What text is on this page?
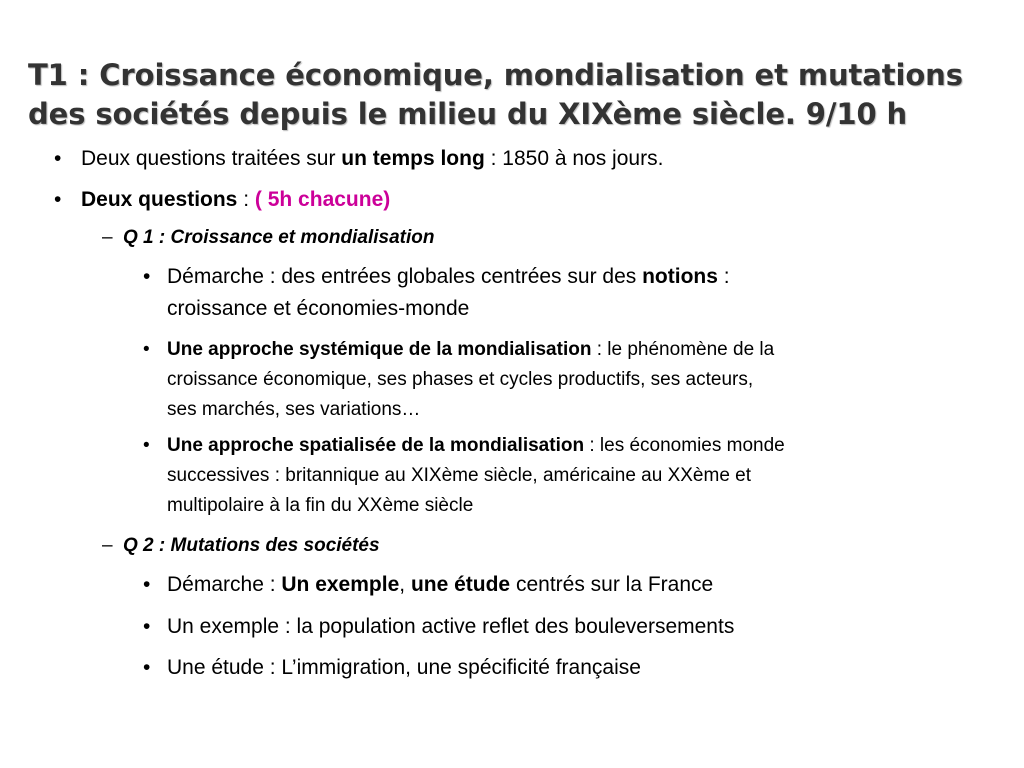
T1 : Croissance économique, mondialisation et mutations
des sociétés depuis le milieu du XIXème siècle. 9/10 h
• Deux questions traitées sur un temps long : 1850 à nos jours.
• Deux questions : ( 5h chacune)
– Q 1 : Croissance et mondialisation
• Démarche : des entrées globales centrées sur des notions :
croissance et économies-monde
• Une approche systémique de la mondialisation : le phénomène de la
croissance économique, ses phases et cycles productifs, ses acteurs,
ses marchés, ses variations…
• Une approche spatialisée de la mondialisation : les économies monde
successives : britannique au XIXème siècle, américaine au XXème et
multipolaire à la fin du XXème siècle
– Q 2 : Mutations des sociétés
• Démarche : Un exemple, une étude centrés sur la France
• Un exemple : la population active reflet des bouleversements
• Une étude : L’immigration, une spécificité française
